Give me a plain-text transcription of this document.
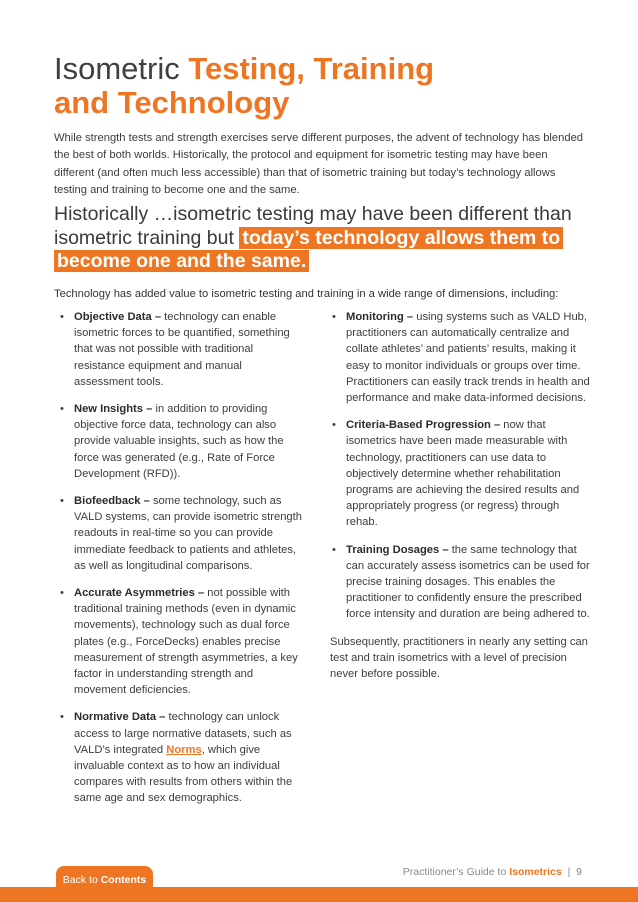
Isometric Testing, Training
and Technology

While strength tests and strength exercises serve different purposes, the advent of technology has blended the best of both worlds. Historically, the protocol and equipment for isometric testing may have been different (and often much less accessible) than that of isometric training but today’s technology allows testing and training to become one and the same.

Historically …isometric testing may have been different than isometric training but today’s technology allows them to become one and the same.

Technology has added value to isometric testing and training in a wide range of dimensions, including:

• Objective Data – technology can enable isometric forces to be quantified, something that was not possible with traditional resistance equipment and manual assessment tools.
• New Insights – in addition to providing objective force data, technology can also provide valuable insights, such as how the force was generated (e.g., Rate of Force Development (RFD)).
• Biofeedback – some technology, such as VALD systems, can provide isometric strength readouts in real-time so you can provide immediate feedback to patients and athletes, as well as longitudinal comparisons.
• Accurate Asymmetries – not possible with traditional training methods (even in dynamic movements), technology such as dual force plates (e.g., ForceDecks) enables precise measurement of strength asymmetries, a key factor in understanding strength and movement deficiencies.
• Normative Data – technology can unlock access to large normative datasets, such as VALD’s integrated Norms, which give invaluable context as to how an individual compares with results from others within the same age and sex demographics.
• Monitoring – using systems such as VALD Hub, practitioners can automatically centralize and collate athletes’ and patients’ results, making it easy to monitor individuals or groups over time. Practitioners can easily track trends in health and performance and make data-informed decisions.
• Criteria-Based Progression – now that isometrics have been made measurable with technology, practitioners can use data to objectively determine whether rehabilitation programs are achieving the desired results and appropriately progress (or regress) through rehab.
• Training Dosages – the same technology that can accurately assess isometrics can be used for precise training dosages. This enables the practitioner to confidently ensure the prescribed force intensity and duration are being adhered to.

Subsequently, practitioners in nearly any setting can test and train isometrics with a level of precision never before possible.

Back to Contents
Practitioner’s Guide to Isometrics | 9
